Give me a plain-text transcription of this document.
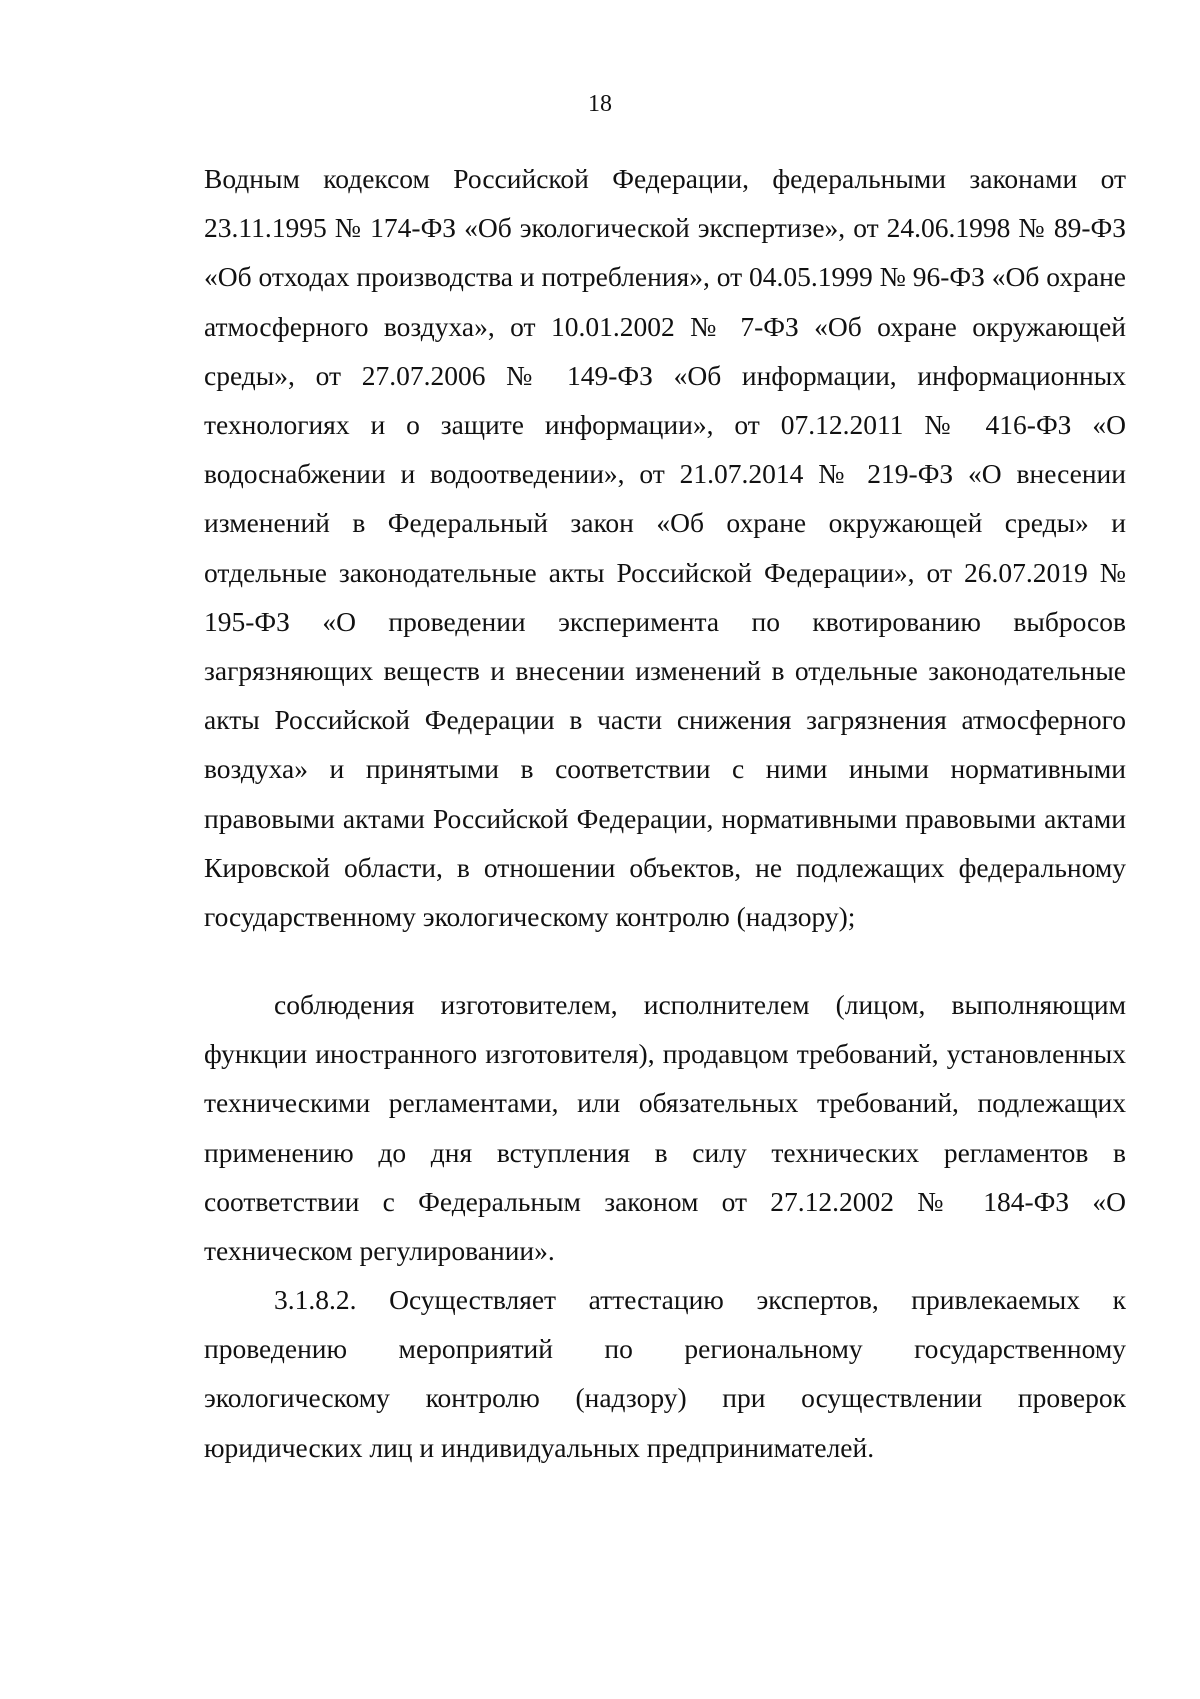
18

Водным кодексом Российской Федерации, федеральными законами от 23.11.1995 № 174-ФЗ «Об экологической экспертизе», от 24.06.1998 № 89-ФЗ «Об отходах производства и потребления», от 04.05.1999 № 96-ФЗ «Об охране атмосферного воздуха», от 10.01.2002 № 7-ФЗ «Об охране окружающей среды», от 27.07.2006 № 149-ФЗ «Об информации, информационных технологиях и о защите информации», от 07.12.2011 № 416-ФЗ «О водоснабжении и водоотведении», от 21.07.2014 № 219-ФЗ «О внесении изменений в Федеральный закон «Об охране окружающей среды» и отдельные законодательные акты Российской Федерации», от 26.07.2019 № 195-ФЗ «О проведении эксперимента по квотированию выбросов загрязняющих веществ и внесении изменений в отдельные законодательные акты Российской Федерации в части снижения загрязнения атмосферного воздуха» и принятыми в соответствии с ними иными нормативными правовыми актами Российской Федерации, нормативными правовыми актами Кировской области, в отношении объектов, не подлежащих федеральному государственному экологическому контролю (надзору);

соблюдения изготовителем, исполнителем (лицом, выполняющим функции иностранного изготовителя), продавцом требований, установленных техническими регламентами, или обязательных требований, подлежащих применению до дня вступления в силу технических регламентов в соответствии с Федеральным законом от 27.12.2002 № 184-ФЗ «О техническом регулировании».

3.1.8.2. Осуществляет аттестацию экспертов, привлекаемых к проведению мероприятий по региональному государственному экологическому контролю (надзору) при осуществлении проверок юридических лиц и индивидуальных предпринимателей.
